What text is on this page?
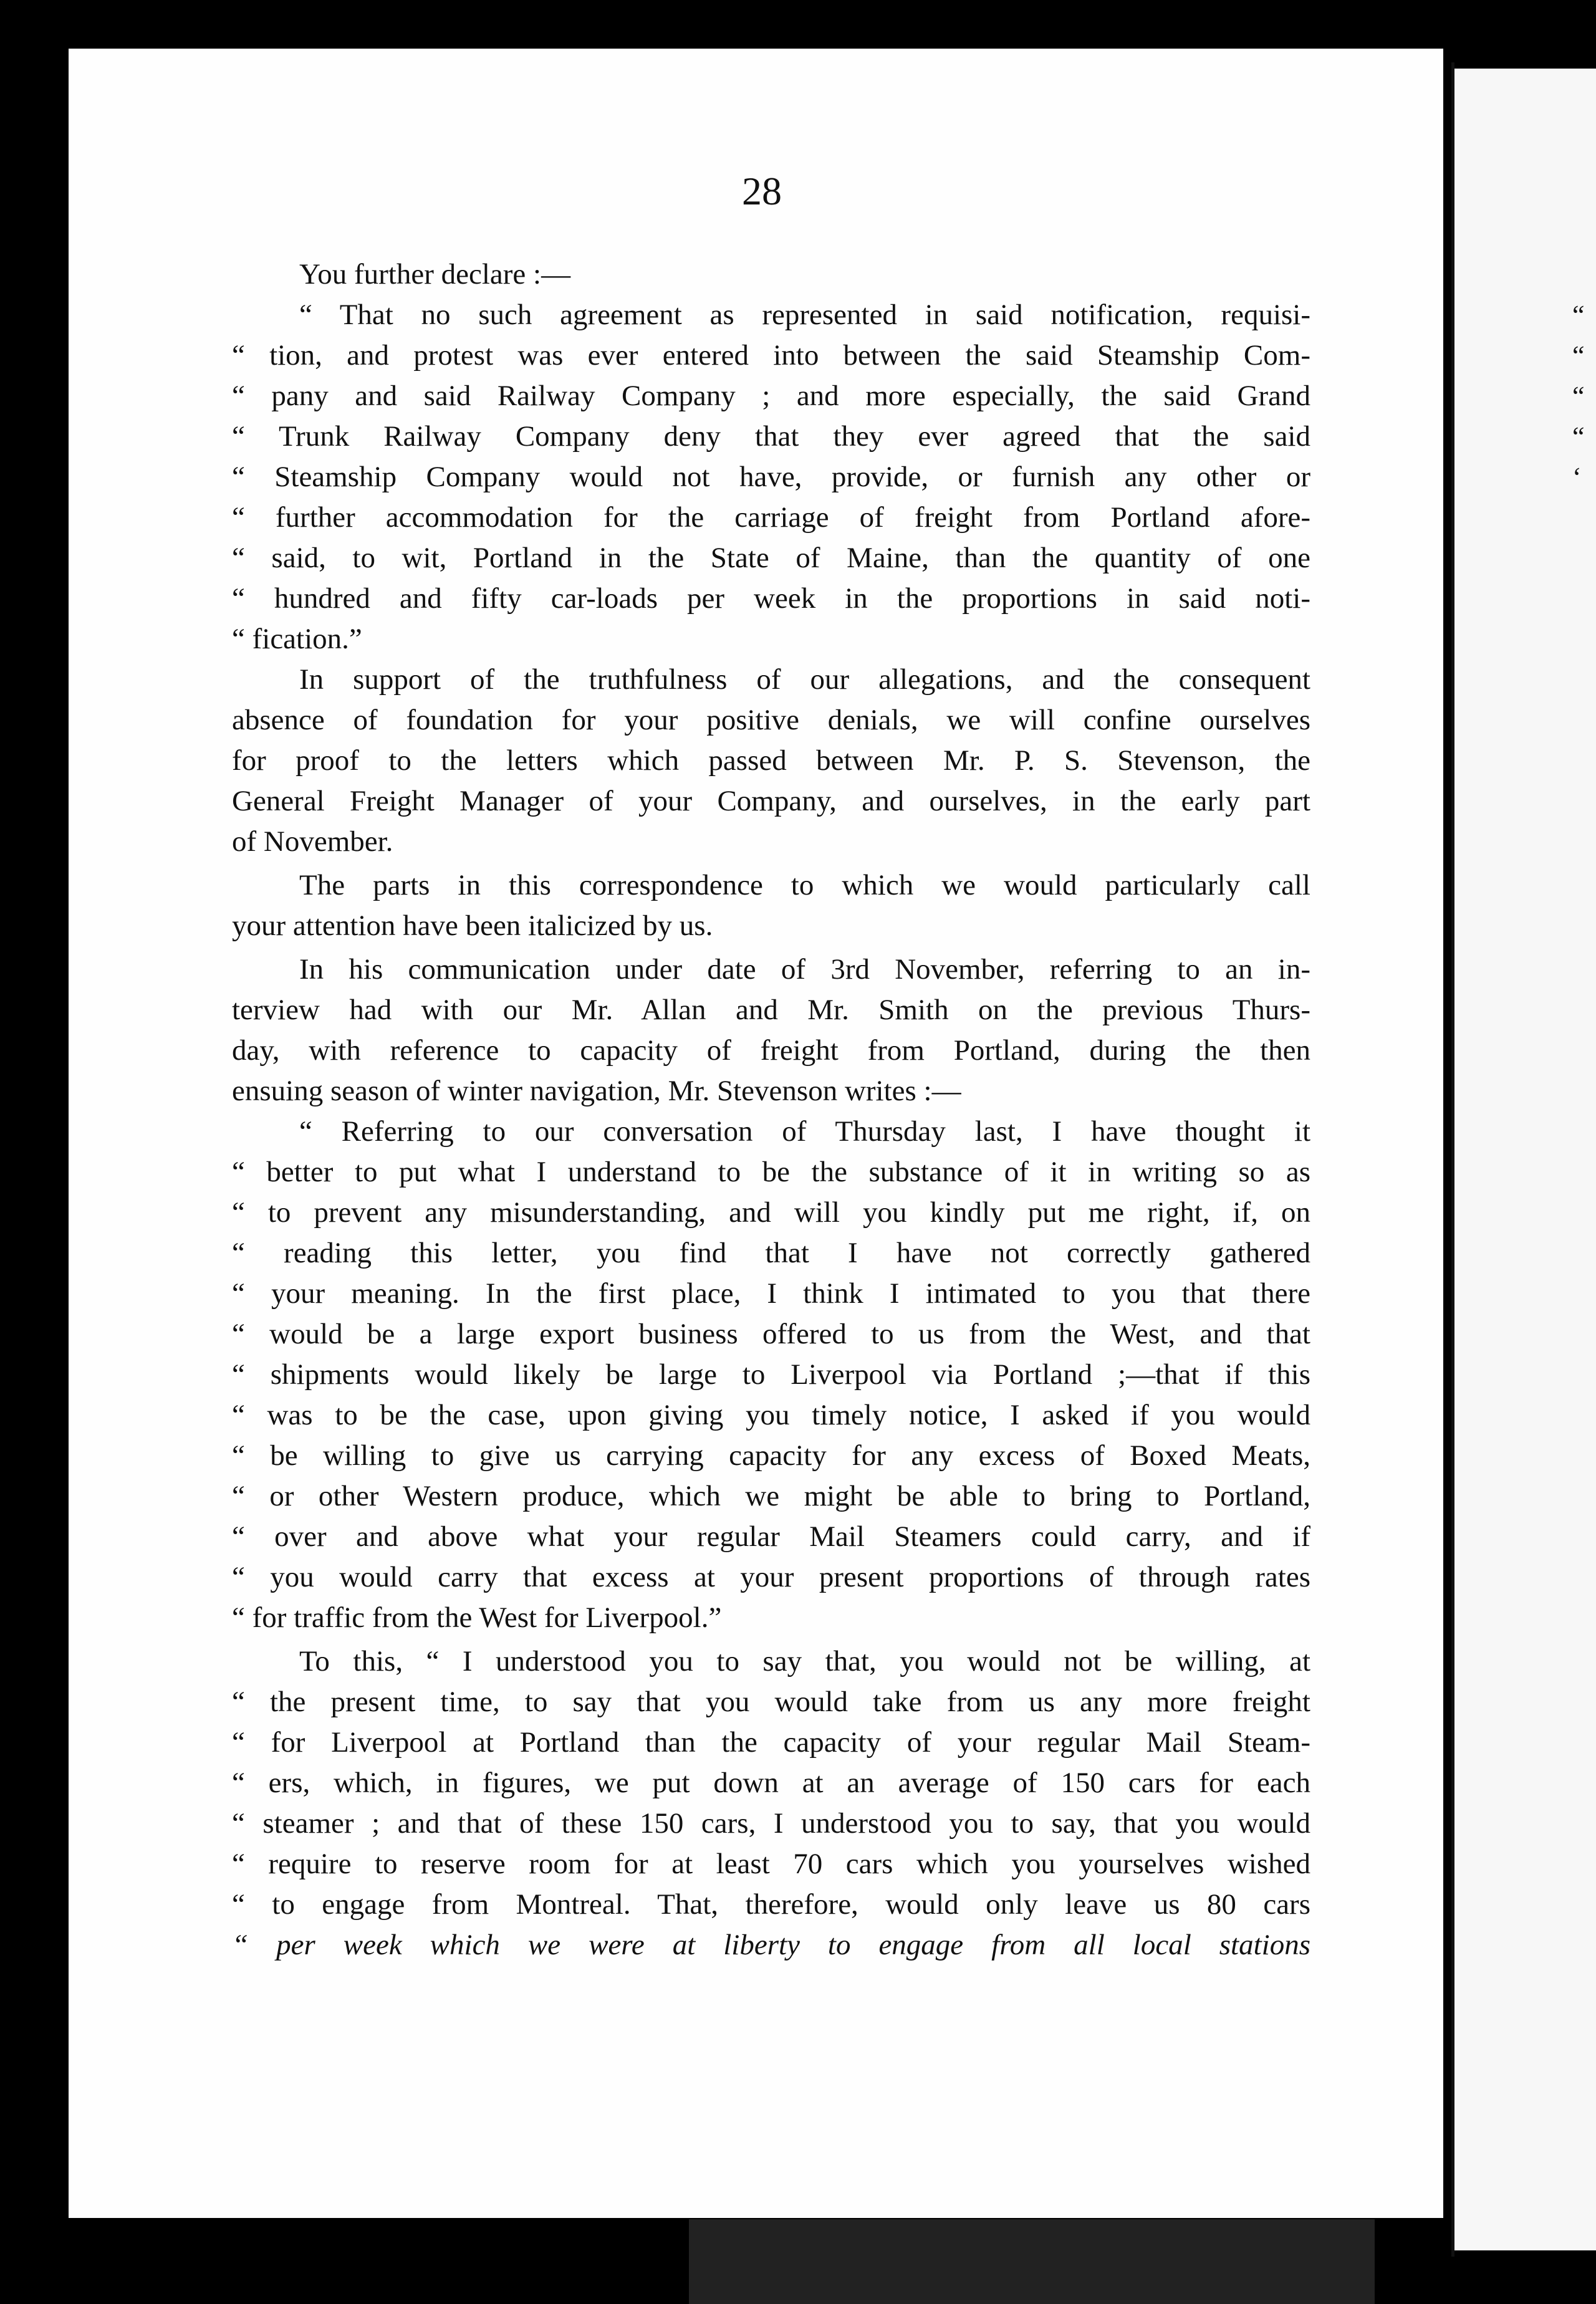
28
You further declare :—
“ That no such agreement as represented in said notification, requisi-
“ tion, and protest was ever entered into between the said Steamship Com-
“ pany and said Railway Company ; and more especially, the said Grand
“ Trunk Railway Company deny that they ever agreed that the said
“ Steamship Company would not have, provide, or furnish any other or
“ further accommodation for the carriage of freight from Portland afore-
“ said, to wit, Portland in the State of Maine, than the quantity of one
“ hundred and fifty car-loads per week in the proportions in said noti-
“ fication.”
In support of the truthfulness of our allegations, and the consequent
absence of foundation for your positive denials, we will confine ourselves
for proof to the letters which passed between Mr. P. S. Stevenson, the
General Freight Manager of your Company, and ourselves, in the early part
of November.
The parts in this correspondence to which we would particularly call
your attention have been italicized by us.
In his communication under date of 3rd November, referring to an in-
terview had with our Mr. Allan and Mr. Smith on the previous Thurs-
day, with reference to capacity of freight from Portland, during the then
ensuing season of winter navigation, Mr. Stevenson writes :—
“ Referring to our conversation of Thursday last, I have thought it
“ better to put what I understand to be the substance of it in writing so as
“ to prevent any misunderstanding, and will you kindly put me right, if, on
“ reading this letter, you find that I have not correctly gathered
“ your meaning. In the first place, I think I intimated to you that there
“ would be a large export business offered to us from the West, and that
“ shipments would likely be large to Liverpool via Portland ;—that if this
“ was to be the case, upon giving you timely notice, I asked if you would
“ be willing to give us carrying capacity for any excess of Boxed Meats,
“ or other Western produce, which we might be able to bring to Portland,
“ over and above what your regular Mail Steamers could carry, and if
“ you would carry that excess at your present proportions of through rates
“ for traffic from the West for Liverpool.”
To this, “ I understood you to say that, you would not be willing, at
“ the present time, to say that you would take from us any more freight
“ for Liverpool at Portland than the capacity of your regular Mail Steam-
“ ers, which, in figures, we put down at an average of 150 cars for each
“ steamer ; and that of these 150 cars, I understood you to say, that you would
“ require to reserve room for at least 70 cars which you yourselves wished
“ to engage from Montreal. That, therefore, would only leave us 80 cars
“ per week which we were at liberty to engage from all local stations
“
“
“
“
‘
